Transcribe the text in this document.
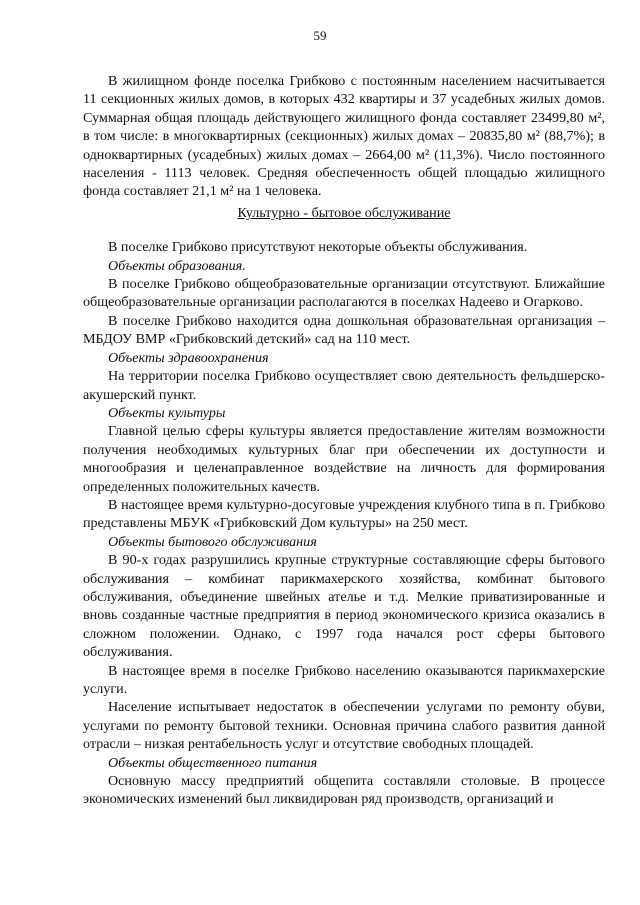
59

В жилищном фонде поселка Грибково с постоянным населением насчитывается 11 секционных жилых домов, в которых 432 квартиры и 37 усадебных жилых домов. Суммарная общая площадь действующего жилищного фонда составляет 23499,80 м², в том числе: в многоквартирных (секционных) жилых домах – 20835,80 м² (88,7%); в одноквартирных (усадебных) жилых домах – 2664,00 м² (11,3%). Число постоянного населения - 1113 человек. Средняя обеспеченность общей площадью жилищного фонда составляет 21,1 м² на 1 человека.

Культурно - бытовое обслуживание

В поселке Грибково присутствуют некоторые объекты обслуживания.

Объекты образования.

В поселке Грибково общеобразовательные организации отсутствуют. Ближайшие общеобразовательные организации располагаются в поселках Надеево и Огарково.

В поселке Грибково находится одна дошкольная образовательная организация – МБДОУ ВМР «Грибковский детский» сад на 110 мест.

Объекты здравоохранения

На территории поселка Грибково осуществляет свою деятельность фельдшерско-акушерский пункт.

Объекты культуры

Главной целью сферы культуры является предоставление жителям возможности получения необходимых культурных благ при обеспечении их доступности и многообразия и целенаправленное воздействие на личность для формирования определенных положительных качеств.

В настоящее время культурно-досуговые учреждения клубного типа в п. Грибково представлены МБУК «Грибковский Дом культуры» на 250 мест.

Объекты бытового обслуживания

В 90-х годах разрушились крупные структурные составляющие сферы бытового обслуживания – комбинат парикмахерского хозяйства, комбинат бытового обслуживания, объединение швейных ателье и т.д. Мелкие приватизированные и вновь созданные частные предприятия в период экономического кризиса оказались в сложном положении. Однако, с 1997 года начался рост сферы бытового обслуживания.

В настоящее время в поселке Грибково населению оказываются парикмахерские услуги.

Население испытывает недостаток в обеспечении услугами по ремонту обуви, услугами по ремонту бытовой техники. Основная причина слабого развития данной отрасли – низкая рентабельность услуг и отсутствие свободных площадей.

Объекты общественного питания

Основную массу предприятий общепита составляли столовые. В процессе экономических изменений был ликвидирован ряд производств, организаций и
